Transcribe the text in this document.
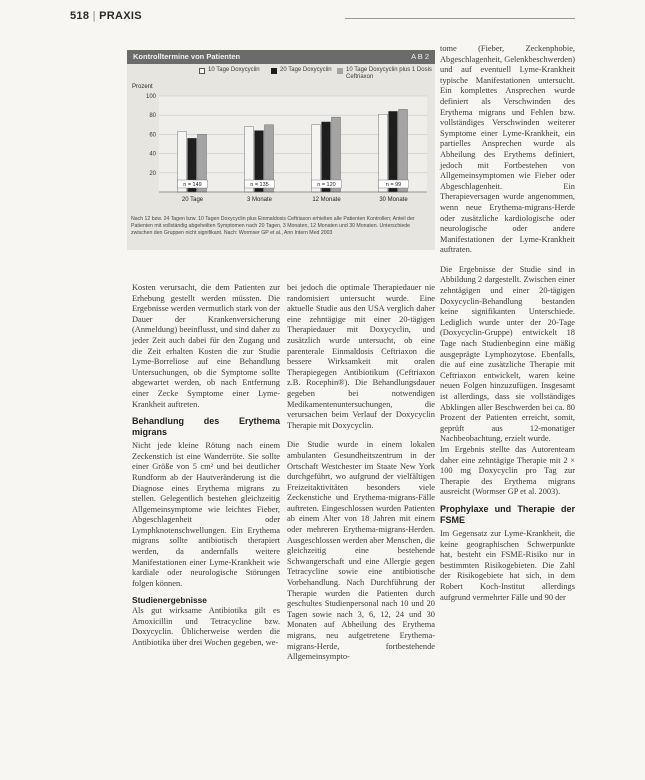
518 | PRAXIS
Kontrolltermine von Patienten	A B 2
10 Tage Doxycyclin	20 Tage Doxycyclin 10 Tage Doxycyclin plus 1 Dosis Ceftriaxon
Prozent
20
40
60
80
100
n = 149
20 Tage
n = 135
3 Monate
n = 120
12 Monate
n = 99
30 Monate
Nach 12 bzw. 24 Tagen bzw. 10 Tagen Doxycyclin plus Einmaldosis Ceftriaxon erhielten alle Patienten Kontrollen; Anteil der Patienten mit vollständig abgeheilten Symptomen nach 20 Tagen, 3 Monaten, 12 Monaten und 30 Monaten. Unterschiede zwischen den Gruppen nicht signifikant. Nach: Wormser GP et al., Ann Intern Med 2003

Kosten verursacht, die dem Patienten zur Erhebung gestellt werden müssten. Die Ergebnisse werden vermutlich stark von der Dauer der Krankenversicherung (Anmeldung) beeinflusst, und sind daher zu jeder Zeit auch dabei für den Zugang und die Zeit erhalten Kosten die zur Studie Lyme-Borreliose auf eine Behandlung Untersuchungen, ob die Symptome sollte abgewartet werden, ob nach Entfernung einer Zecke Symptome einer Lyme-Krankheit auftreten.

Behandlung des Erythema migrans

Nicht jede kleine Rötung nach einem Zeckenstich ist eine Wanderröte. Sie sollte einer Größe von 5 cm² und bei deutlicher Rundform ab der Hautveränderung ist die Diagnose eines Erythema migrans zu stellen. Gelegentlich bestehen gleichzeitig Allgemeinsymptome wie leichtes Fieber, Abgeschlagenheit oder Lymphknotenschwellungen. Ein Erythema migrans sollte antibiotisch therapiert werden, da andernfalls weitere Manifestationen einer Lyme-Krankheit wie kardiale oder neurologische Störungen folgen können.

Studienergebnisse

Als gut wirksame Antibiotika gilt es Amoxicillin und Tetracycline bzw. Doxycyclin. Üblicherweise werden die Antibiotika über drei Wochen gegeben, we-

bei jedoch die optimale Therapiedauer nie randomisiert untersucht wurde. Eine aktuelle Studie aus den USA verglich daher eine zehntägige mit einer 20-tägigen Therapiedauer mit Doxycyclin, und zusätzlich wurde untersucht, ob eine parenterale Einmaldosis Ceftriaxon die bessere Wirksamkeit mit oralen Therapiegegen Antibiotikum (Ceftriaxon z.B. Rocephin®). Die Behandlungsdauer gegeben bei notwendigen Medikamentenuntersuchungen, die verursachen beim Verlauf der Doxycyclin Therapie mit Doxycyclin.

Die Studie wurde in einem lokalen ambulanten Gesundheitszentrum in der Ortschaft Westchester im Staate New York durchgeführt, wo aufgrund der vielfältigen Freizeitaktivitäten besonders viele Zeckenstiche und Erythema-migrans-Fälle auftreten. Eingeschlossen wurden Patienten ab einem Alter von 18 Jahren mit einem oder mehreren Erythema-migrans-Herden. Ausgeschlossen werden aber Menschen, die gleichzeitig eine bestehende Schwangerschaft und eine Allergie gegen Tetracycline sowie eine antibiotische Vorbehandlung. Nach Durchführung der Therapie wurden die Patienten durch geschultes Studienpersonal nach 10 und 20 Tagen sowie nach 3, 6, 12, 24 und 30 Monaten auf Abheilung des Erythema migrans, neu aufgetretene Erythema-migrans-Herde, fortbestehende Allgemeinsympto-

tome (Fieber, Zeckenphobie, Abgeschlagenheit, Gelenkbeschwerden) und auf eventuell Lyme-Krankheit typische Manifestationen untersucht. Ein komplettes Ansprechen wurde definiert als Verschwinden des Erythema migrans und Fehlen bzw. vollständiges Verschwinden weiterer Symptome einer Lyme-Krankheit, ein partielles Ansprechen wurde als Abheilung des Erythems definiert, jedoch mit Fortbestehen von Allgemeinsymptomen wie Fieber oder Abgeschlagenheit. Ein Therapieversagen wurde angenommen, wenn neue Erythema-migrans-Herde oder zusätzliche kardiologische oder neurologische oder andere Manifestationen der Lyme-Krankheit auftraten.

Die Ergebnisse der Studie sind in Abbildung 2 dargestellt. Zwischen einer zehntägigen und einer 20-tägigen Doxycyclin-Behandlung bestanden keine signifikanten Unterschiede. Lediglich wurde unter der 20-Tage (Doxycyclin-Gruppe) entwickelt 18 Tage nach Studienbeginn eine mäßig ausgeprägte Lymphozytose. Ebenfalls, die auf eine zusätzliche Therapie mit Ceftriaxon entwickelt, waren keine neuen Folgen hinzuzufügen. Insgesamt ist allerdings, dass sie vollständiges Abklingen aller Beschwerden bei ca. 80 Prozent der Patienten erreicht, somit, geprüft aus 12-monatiger Nachbeobachtung, erzielt wurde.

Im Ergebnis stellte das Autorenteam daher eine zehntägige Therapie mit 2 × 100 mg Doxycyclin pro Tag zur Therapie des Erythema migrans ausreicht (Wormser GP et al. 2003).

Prophylaxe und Therapie der FSME

Im Gegensatz zur Lyme-Krankheit, die keine geographischen Schwerpunkte hat, besteht ein FSME-Risiko nur in bestimmten Risikogebieten. Die Zahl der Risikogebiete hat sich, in dem Robert Koch-Institut allerdings aufgrund vermehrter Fälle und 90 der
